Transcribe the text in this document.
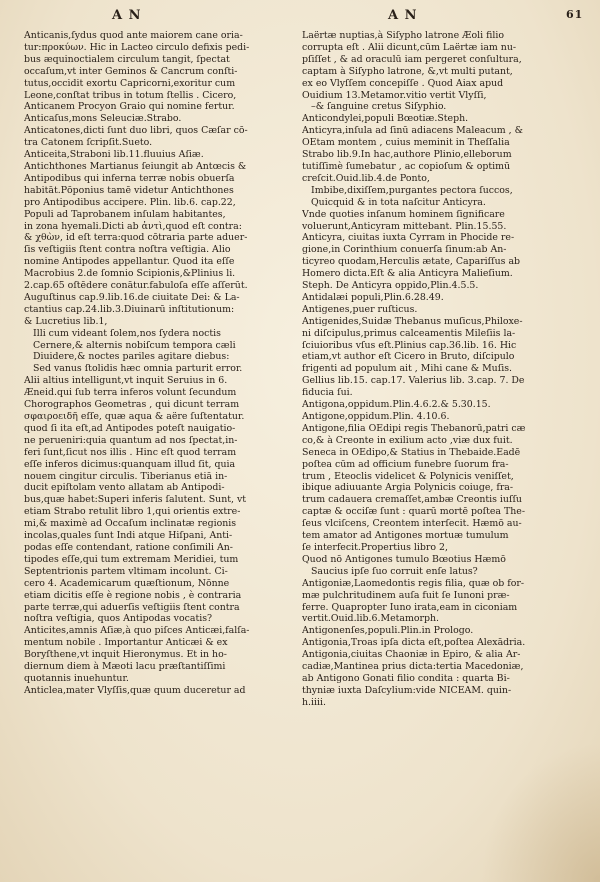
A N	A N	61
Anticanis,ſydus quod ante maiorem cane oria-
tur:προκύων. Hic in Lacteo circulo defixis pedi-
bus æquinoctialem circulum tangit, ſpectat
occaſum,vt inter Geminos & Cancrum conſti-
tutus,occidit exortu Capricorni,exoritur cum
Leone,conſtat tribus in totum ſtellis . Cicero,
Anticanem Procyon Graio qui nomine fertur.
Anticaſus,mons Seleuciæ.Strabo.
Anticatones,dicti ſunt duo libri, quos Cæſar cō-
tra Catonem ſcripſit.Sueto.
Anticeita,Straboni lib.11.fluuius Aſiæ.
Antichthones Martianus ſeiungit ab Antœcis &
Antipodibus qui inferna terræ nobis obuerſa
habitāt.Pōponius tamē videtur Antichthones
pro Antipodibus accipere. Plin. lib.6. cap.22,
Populi ad Taprobanem inſulam habitantes,
in zona hyemali.Dicti ab ἀντὶ,quod eſt contra:
& χθὼν, id eſt terra:quod cōtraria parte aduer-
ſis veſtigiis ſtent contra noſtra veſtigia. Alio
nomine Antipodes appellantur. Quod ita eſſe
Macrobius 2.de ſomnio Scipionis,&Plinius li.
2.cap.65 oſtēdere conātur.fabuloſa eſſe aſſerūt.
Auguſtinus cap.9.lib.16.de ciuitate Dei: & La-
ctantius cap.24.lib.3.Diuinarū inſtitutionum:
& Lucretius lib.1,
Illi cum videant ſolem,nos ſydera noctis
Cernere,& alternis nobiſcum tempora cæli
Diuidere,& noctes pariles agitare diebus:
Sed vanus ſtolidis hæc omnia parturit error.
Alii altius intelligunt,vt inquit Seruius in 6.
Æneid.qui ſub terra inferos volunt ſecundum
Chorographos Geometras , qui dicunt terram
σφαιροειδῆ eſſe, quæ aqua & aëre ſuſtentatur.
quod ſi ita eſt,ad Antipodes poteſt nauigatio-
ne perueniri:quia quantum ad nos ſpectat,in-
feri ſunt,ſicut nos illis . Hinc eſt quod terram
eſſe inferos dicimus:quanquam illud ſit, quia
nouem cingitur circulis. Tiberianus etiā in-
ducit epiſtolam vento allatam ab Antipodi-
bus,quæ habet:Superi inferis ſalutent. Sunt, vt
etiam Strabo retulit libro 1,qui orientis extre-
mi,& maximè ad Occaſum inclinatæ regionis
incolas,quales ſunt Indi atque Hiſpani, Anti-
podas eſſe contendant, ratione conſimili An-
tipodes eſſe,qui tum extremam Meridiei, tum
Septentrionis partem vltimam incolunt. Ci-
cero 4. Academicarum quæſtionum, Nōnne
etiam dicitis eſſe è regione nobis , è contraria
parte terræ,qui aduerſis veſtigiis ſtent contra
noſtra veſtigia, quos Antipodas vocatis?
Anticites,amnis Aſiæ,à quo piſces Anticæi,falſa-
mentum nobile . Importantur Anticæi & ex
Boryſthene,vt inquit Hieronymus. Et in ho-
diernum diem à Mæoti lacu præſtantiſſimi
quotannis inuehuntur.
Anticlea,mater Vlyſſis,quæ quum duceretur ad
Laërtæ nuptias,à Siſypho latrone Æoli filio
corrupta eſt . Alii dicunt,cūm Laërtæ iam nu-
pſiſſet , & ad oraculū iam pergeret conſultura,
captam à Siſypho latrone, &,vt multi putant,
ex eo Vlyſſem concepiſſe . Quod Aiax apud
Ouidium 13.Metamor.vitio vertit Vlyſſi,
–& ſanguine cretus Siſyphio.
Anticondylei,populi Bœotiæ.Steph.
Anticyra,inſula ad ſinū adiacens Maleacum , &
OEtam montem , cuius meminit in Theſſalia
Strabo lib.9.In hac,authore Plinio,elleborum
tutiſſimè ſumebatur , ac copioſum & optimū
creſcit.Ouid.lib.4.de Ponto,
Imbibe,dixiſſem,purgantes pectora ſuccos,
Quicquid & in tota naſcitur Anticyra.
Vnde quoties inſanum hominem ſignificare
voluerunt,Anticyram mittebant. Plin.15.55.
Anticyra, ciuitas iuxta Cyrram in Phocide re-
gione,in Corinthium conuerſa ſinum:ab An-
ticyreo quodam,Herculis ætate, Capariſſus ab
Homero dicta.Eſt & alia Anticyra Malieſium.
Steph. De Anticyra oppido,Plin.4.5.5.
Antidalæi populi,Plin.6.28.49.
Antigenes,puer ruſticus.
Antigenides,Suidæ Thebanus muſicus,Philoxe-
ni diſcipulus,primus calceamentis Mileſiis la-
ſciuioribus vſus eſt.Plinius cap.36.lib. 16. Hic
etiam,vt author eſt Cicero in Bruto, diſcipulo
frigenti ad populum ait , Mihi cane & Muſis.
Gellius lib.15. cap.17. Valerius lib. 3.cap. 7. De
fiducia ſui.
Antigona,oppidum.Plin.4.6.2.& 5.30.15.
Antigone,oppidum.Plin. 4.10.6.
Antigone,filia OEdipi regis Thebanorū,patri cæ
co,& à Creonte in exilium acto ,viæ dux fuit.
Seneca in OEdipo,& Statius in Thebaide.Eadē
poſtea cūm ad officium funebre ſuorum fra-
trum , Eteoclis videlicet & Polynicis veniſſet,
ibique adiuuante Argia Polynicis coiuge, fra-
trum cadauera cremaſſet,ambæ Creontis iuſſu
captæ & occiſæ ſunt : quarū mortē poſtea The-
ſeus vlciſcens, Creontem interſecit. Hæmō au-
tem amator ad Antigones mortuæ tumulum
ſe interfecit.Propertius libro 2,
Quod nō Antigones tumulo Bœotius Hæmō
Saucius ipſe ſuo corruit enſe latus?
Antigoniæ,Laomedontis regis filia, quæ ob for-
mæ pulchritudinem auſa fuit ſe Iunoni præ-
ferre. Quapropter Iuno irata,eam in ciconiam
vertit.Ouid.lib.6.Metamorph.
Antigonenſes,populi.Plin.in Prologo.
Antigonia,Troas ipſa dicta eſt,poſtea Alexādria.
Antigonia,ciuitas Chaoniæ in Epiro, & alia Ar-
cadiæ,Mantinea prius dicta:tertia Macedoniæ,
ab Antigono Gonati filio condita : quarta Bi-
thyniæ iuxta Daſcylium:vide NICEAM. quin-
h.iiii.
